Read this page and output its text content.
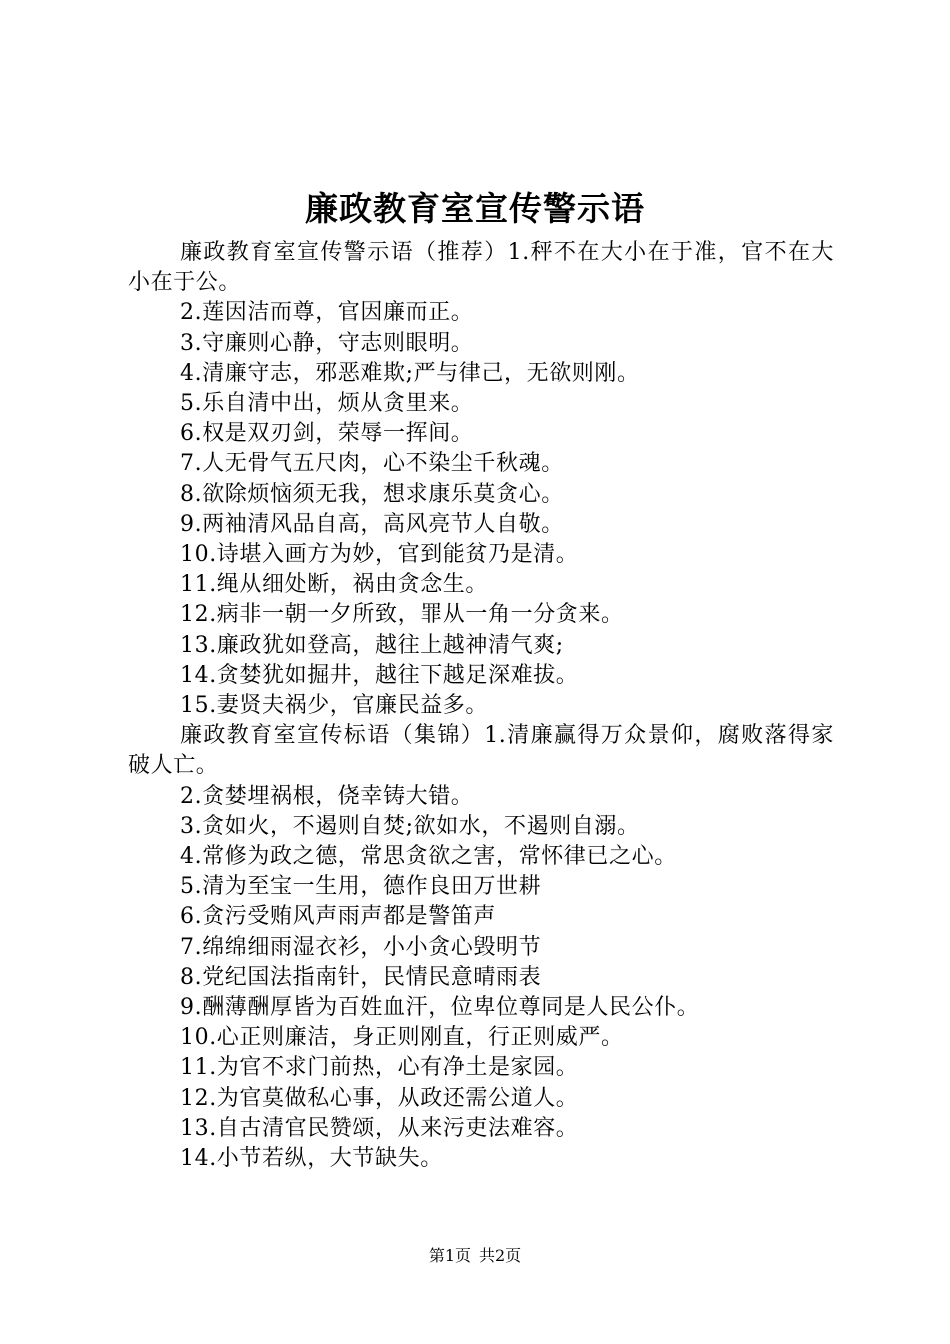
廉政教育室宣传警示语

廉政教育室宣传警示语（推荐）1.秤不在大小在于准，官不在大小在于公。

2.莲因洁而尊，官因廉而正。

3.守廉则心静，守志则眼明。

4.清廉守志，邪恶难欺;严与律己，无欲则刚。

5.乐自清中出，烦从贪里来。

6.权是双刃剑，荣辱一挥间。

7.人无骨气五尺肉，心不染尘千秋魂。

8.欲除烦恼须无我，想求康乐莫贪心。

9.两袖清风品自高，高风亮节人自敬。

10.诗堪入画方为妙，官到能贫乃是清。

11.绳从细处断，祸由贪念生。

12.病非一朝一夕所致，罪从一角一分贪来。

13.廉政犹如登高，越往上越神清气爽;

14.贪婪犹如掘井，越往下越足深难拔。

15.妻贤夫祸少，官廉民益多。

廉政教育室宣传标语（集锦）1.清廉赢得万众景仰，腐败落得家破人亡。

2.贪婪埋祸根，侥幸铸大错。

3.贪如火，不遏则自焚;欲如水，不遏则自溺。

4.常修为政之德，常思贪欲之害，常怀律已之心。

5.清为至宝一生用，德作良田万世耕

6.贪污受贿风声雨声都是警笛声

7.绵绵细雨湿衣衫，小小贪心毁明节

8.党纪国法指南针，民情民意晴雨表

9.酬薄酬厚皆为百姓血汗，位卑位尊同是人民公仆。

10.心正则廉洁，身正则刚直，行正则威严。

11.为官不求门前热，心有净土是家园。

12.为官莫做私心事，从政还需公道人。

13.自古清官民赞颂，从来污吏法难容。

14.小节若纵，大节缺失。

第1页 共2页
